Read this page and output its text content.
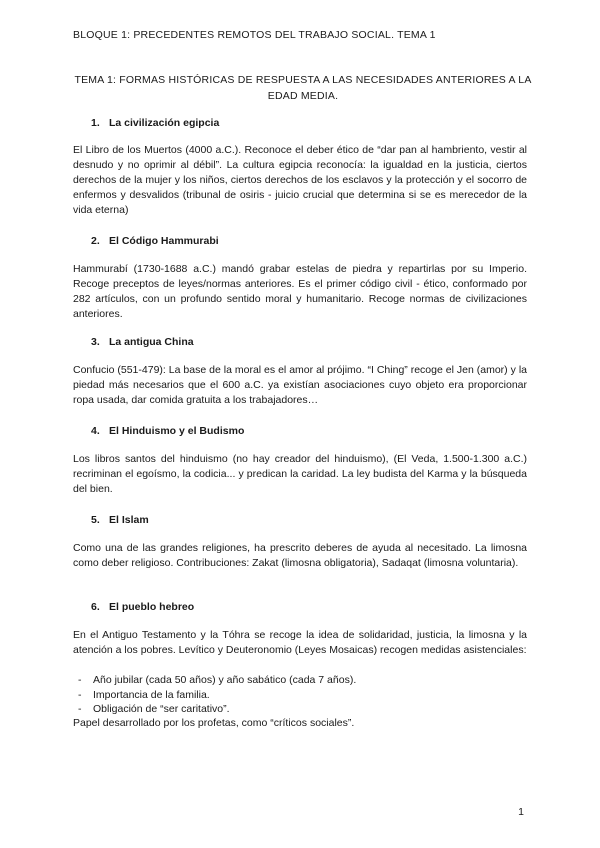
BLOQUE 1: PRECEDENTES REMOTOS DEL TRABAJO SOCIAL. TEMA 1
TEMA 1: FORMAS HISTÓRICAS DE RESPUESTA A LAS NECESIDADES ANTERIORES A LA EDAD MEDIA.
1. La civilización egipcia
El Libro de los Muertos (4000 a.C.). Reconoce el deber ético de “dar pan al hambriento, vestir al desnudo y no oprimir al débil”. La cultura egipcia reconocía: la igualdad en la justicia, ciertos derechos de la mujer y los niños, ciertos derechos de los esclavos y la protección y el socorro de enfermos y desvalidos (tribunal de osiris - juicio crucial que determina si se es merecedor de la vida eterna)
2. El Código Hammurabi
Hammurabí (1730-1688 a.C.) mandó grabar estelas de piedra y repartirlas por su Imperio. Recoge preceptos de leyes/normas anteriores. Es el primer código civil - ético, conformado por 282 artículos, con un profundo sentido moral y humanitario. Recoge normas de civilizaciones anteriores.
3. La antigua China
Confucio (551-479): La base de la moral es el amor al prójimo. “I Ching” recoge el Jen (amor) y la piedad más necesarios que el 600 a.C. ya existían asociaciones cuyo objeto era proporcionar ropa usada, dar comida gratuita a los trabajadores…
4. El Hinduismo y el Budismo
Los libros santos del hinduismo (no hay creador del hinduismo), (El Veda, 1.500-1.300 a.C.) recriminan el egoísmo, la codicia... y predican la caridad. La ley budista del Karma y la búsqueda del bien.
5. El Islam
Como una de las grandes religiones, ha prescrito deberes de ayuda al necesitado. La limosna como deber religioso. Contribuciones: Zakat (limosna obligatoria), Sadaqat (limosna voluntaria).
6. El pueblo hebreo
En el Antiguo Testamento y la Tóhra se recoge la idea de solidaridad, justicia, la limosna y la atención a los pobres. Levítico y Deuteronomio (Leyes Mosaicas) recogen medidas asistenciales:
- Año jubilar (cada 50 años) y año sabático (cada 7 años).
- Importancia de la familia.
- Obligación de “ser caritativo”.
Papel desarrollado por los profetas, como “críticos sociales”.
1
